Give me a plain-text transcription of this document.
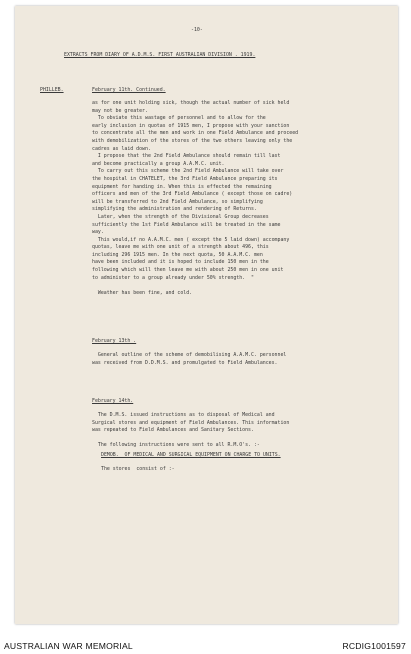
-10-
EXTRACTS FROM DIARY OF A.D.M.S. FIRST AUSTRALIAN DIVISION . 1919.
PHILLEB.	February 11th. Continued.
as for one unit holding sick, though the actual number of sick held
may not be greater.
To obviate this wastage of personnel and to allow for the
early inclusion in quotas of 1915 men, I propose with your sanction
to concentrate all the men and work in one Field Ambulance and proceed
with demobilization of the stores of the two others leaving only the
cadres as laid down.
I propose that the 2nd Field Ambulance should remain till last
and become practically a group A.A.M.C. unit.
To carry out this scheme the 2nd Field Ambulance will take over
the hospital in CHATELET, the 3rd Field Ambulance preparing its
equipment for handing in. When this is effected the remaining
officers and men of the 3rd Field Ambulance ( except those on cadre)
will be transferred to 2nd Field Ambulance, so simplifying
simplifying the administration and rendering of Returns.
Later, when the strength of the Divisional Group decreases
sufficiently the 1st Field Ambulance will be treated in the same
way.
This would,if no A.A.M.C. men ( except the 5 laid down) accompany
quotas, leave me with one unit of a strength about 496, this
including 296 1915 men. In the next quota, 50 A.A.M.C. men
have been included and it is hoped to include 150 men in the
following which will then leave me with about 250 men in one unit
to administer to a group already under 50% strength.  "

Weather has been fine, and cold.
February 13th .
General outline of the scheme of demobilising A.A.M.C. personnel
was received from D.D.M.S. and promulgated to Field Ambulances.
February 14th.
The D.M.S. issued instructions as to disposal of Medical and
Surgical stores and equipment of Field Ambulances. This information
was repeated to Field Ambulances and Sanitary Sections.

The following instructions were sent to all R.M.O's. :-
DEMOB.  OF MEDICAL AND SURGICAL EQUIPMENT ON CHARGE TO UNITS.
The stores  consist of :-
AUSTRALIAN WAR MEMORIAL	RCDIG1001597
